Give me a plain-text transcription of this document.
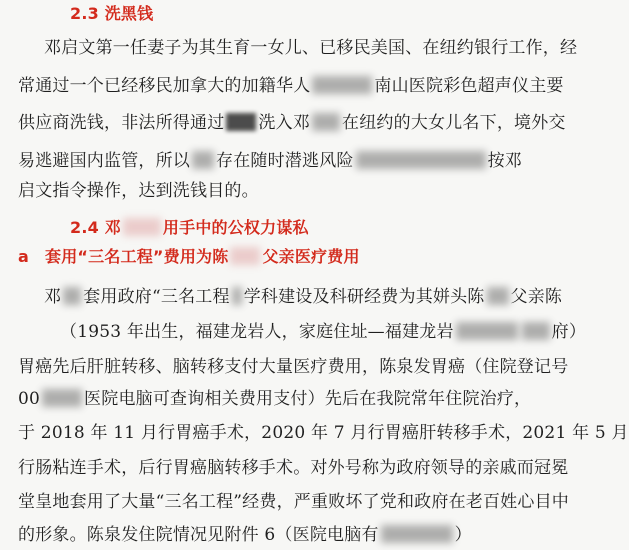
2.3 洗黑钱
邓启文第一任妻子为其生育一女儿、已移民美国、在纽约银行工作，经
常通过一个已经移民加拿大的加籍华人	南山医院彩色超声仪主要
供应商洗钱，非法所得通过 洗入邓 在纽约的大女儿名下，境外交
易逃避国内监管，所以 存在随时潜逃风险	按邓
启文指令操作，达到洗钱目的。
2.4 邓	用手中的公权力谋私
a 套用“三名工程”费用为陈 父亲医疗费用
邓 套用政府“三名工程 学科建设及科研经费为其姘头陈 父亲陈
（1953 年出生，福建龙岩人，家庭住址—福建龙岩	府）
胃癌先后肝脏转移、脑转移支付大量医疗费用，陈泉发胃癌（住院登记号
00	医院电脑可查询相关费用支付）先后在我院常年住院治疗，
于 2018 年 11 月行胃癌手术，2020 年 7 月行胃癌肝转移手术，2021 年 5 月
行肠粘连手术，后行胃癌脑转移手术。对外号称为政府领导的亲戚而冠冕
堂皇地套用了大量“三名工程”经费，严重败坏了党和政府在老百姓心目中
的形象。陈泉发住院情况见附件 6（医院电脑有	）
